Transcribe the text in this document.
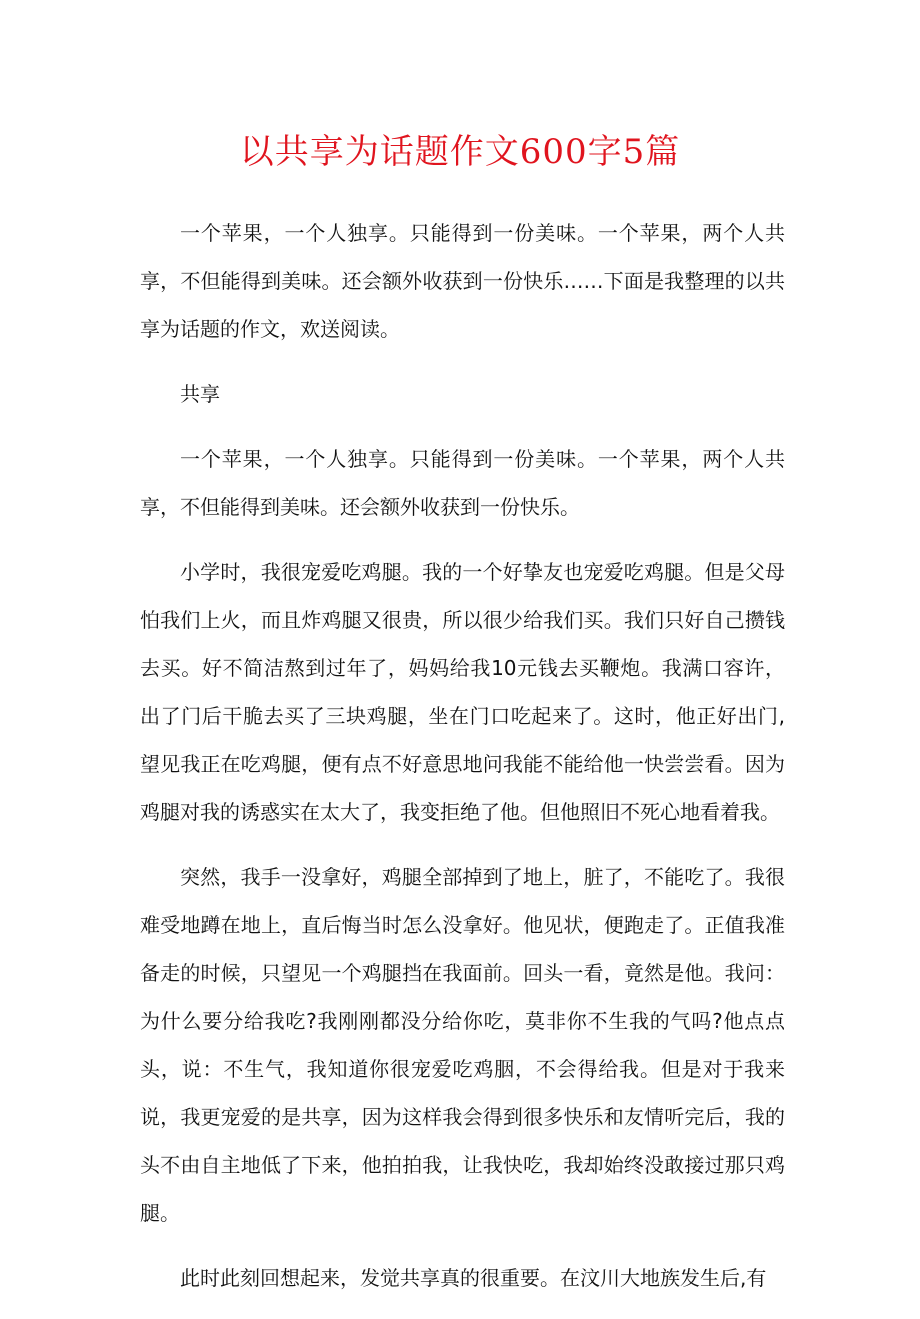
以共享为话题作文600字5篇

一个苹果，一个人独享。只能得到一份美味。一个苹果，两个人共享，不但能得到美味。还会额外收获到一份快乐……下面是我整理的以共享为话题的作文，欢送阅读。

共享

一个苹果，一个人独享。只能得到一份美味。一个苹果，两个人共享，不但能得到美味。还会额外收获到一份快乐。

小学时，我很宠爱吃鸡腿。我的一个好挚友也宠爱吃鸡腿。但是父母怕我们上火，而且炸鸡腿又很贵，所以很少给我们买。我们只好自己攒钱去买。好不简洁熬到过年了，妈妈给我10元钱去买鞭炮。我满口容许，出了门后干脆去买了三块鸡腿，坐在门口吃起来了。这时，他正好出门,望见我正在吃鸡腿，便有点不好意思地问我能不能给他一快尝尝看。因为鸡腿对我的诱惑实在太大了，我变拒绝了他。但他照旧不死心地看着我。

突然，我手一没拿好，鸡腿全部掉到了地上，脏了，不能吃了。我很难受地蹲在地上，直后悔当时怎么没拿好。他见状，便跑走了。正值我准备走的时候，只望见一个鸡腿挡在我面前。回头一看，竟然是他。我问：为什么要分给我吃?我刚刚都没分给你吃，莫非你不生我的气吗?他点点头，说：不生气，我知道你很宠爱吃鸡胭，不会得给我。但是对于我来说，我更宠爱的是共享，因为这样我会得到很多快乐和友情听完后，我的头不由自主地低了下来，他拍拍我，让我快吃，我却始终没敢接过那只鸡腿。

此时此刻回想起来，发觉共享真的很重要。在汶川大地族发生后,有
